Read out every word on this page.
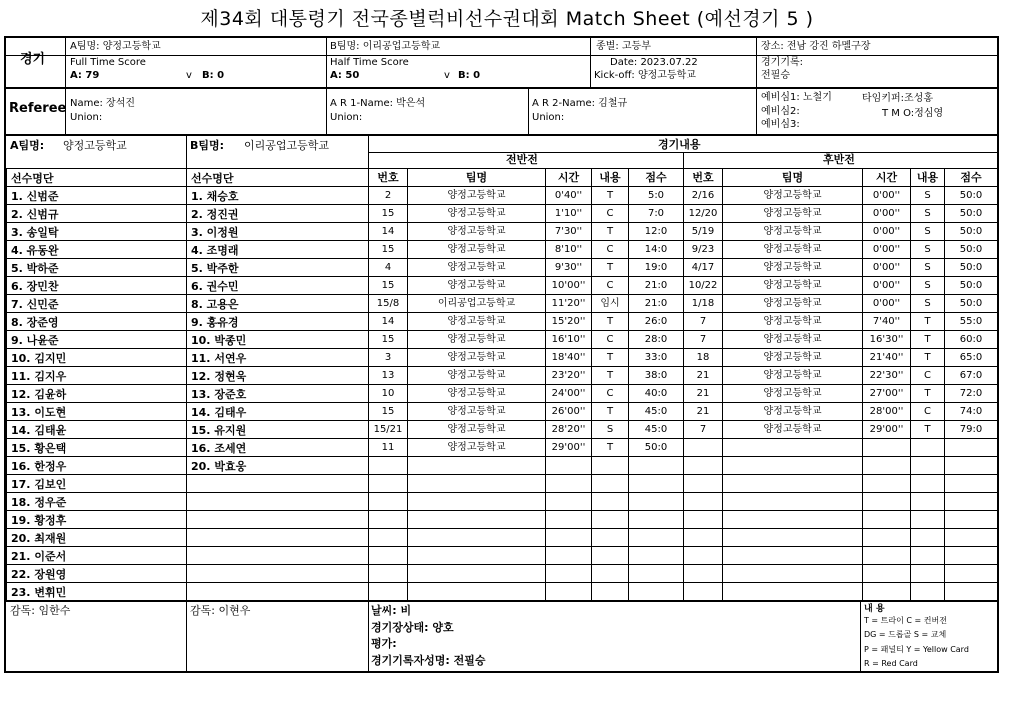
제34회 대통령기 전국종별럭비선수권대회 Match Sheet (예선경기 5 )
경기
A팀명: 양정고등학교	B팀명: 이리공업고등학교	종별: 고등부	장소: 전남 강진 하멜구장
Full Time Score
A: 79	v B: 0
Half Time Score
A: 50	v B: 0
Date: 2023.07.22
Kick-off: 양정고등학교
경기기록:
전필승
Referee Name: 장석진
Union:
A R 1-Name: 박은석
Union:
A R 2-Name: 김철규
Union:
예비심1: 노철기
예비심2:
예비심3:
타임키퍼:조성홍
T M O:정심영
A팀명: 양정고등학교	B팀명: 이리공업고등학교	경기내용
전반전	후반전
선수명단	선수명단
1. 신범준	1. 채승호
2. 신범규	2. 정진권
3. 송일탁	3. 이정원
4. 유동완	4. 조명래
5. 박하준	5. 박주한
6. 장민찬	6. 권수민
7. 신민준	8. 고용은
8. 장준영	9. 홍유경
9. 나윤준	10. 박종민
10. 김지민	11. 서연우
11. 김지우	12. 정현욱
12. 김윤하	13. 장준호
13. 이도현	14. 김태우
14. 김태윤	15. 유지원
15. 황은택	16. 조세연
16. 한정우	20. 박효웅
17. 김보인	
18. 정우준	
19. 황정후	
20. 최재원	
21. 이준서	
22. 장원영	
23. 변휘민	
번호	팀명	시간	내용	점수	번호	팀명	시간	내용	점수
2	양정고등학교	0'40''	T	5:0	2/16	양정고등학교	0'00''	S	50:0
15	양정고등학교	1'10''	C	7:0	12/20	양정고등학교	0'00''	S	50:0
14	양정고등학교	7'30''	T	12:0	5/19	양정고등학교	0'00''	S	50:0
15	양정고등학교	8'10''	C	14:0	9/23	양정고등학교	0'00''	S	50:0
4	양정고등학교	9'30''	T	19:0	4/17	양정고등학교	0'00''	S	50:0
15	양정고등학교	10'00''	C	21:0	10/22	양정고등학교	0'00''	S	50:0
15/8	이리공업고등학교	11'20''	임시	21:0	1/18	양정고등학교	0'00''	S	50:0
14	양정고등학교	15'20''	T	26:0	7	양정고등학교	7'40''	T	55:0
15	양정고등학교	16'10''	C	28:0	7	양정고등학교	16'30''	T	60:0
3	양정고등학교	18'40''	T	33:0	18	양정고등학교	21'40''	T	65:0
13	양정고등학교	23'20''	T	38:0	21	양정고등학교	22'30''	C	67:0
10	양정고등학교	24'00''	C	40:0	21	양정고등학교	27'00''	T	72:0
15	양정고등학교	26'00''	T	45:0	21	양정고등학교	28'00''	C	74:0
15/21	양정고등학교	28'20''	S	45:0	7	양정고등학교	29'00''	T	79:0
11	양정고등학교	29'00''	T	50:0					

감독: 임한수	감독: 이현우	날씨: 비
경기장상태: 양호
평가:
경기기록자성명: 전필승
내 용
T = 트라이 C = 컨버젼
DG = 드롭골 S = 교체
P = 패널티 Y = Yellow Card
R = Red Card
